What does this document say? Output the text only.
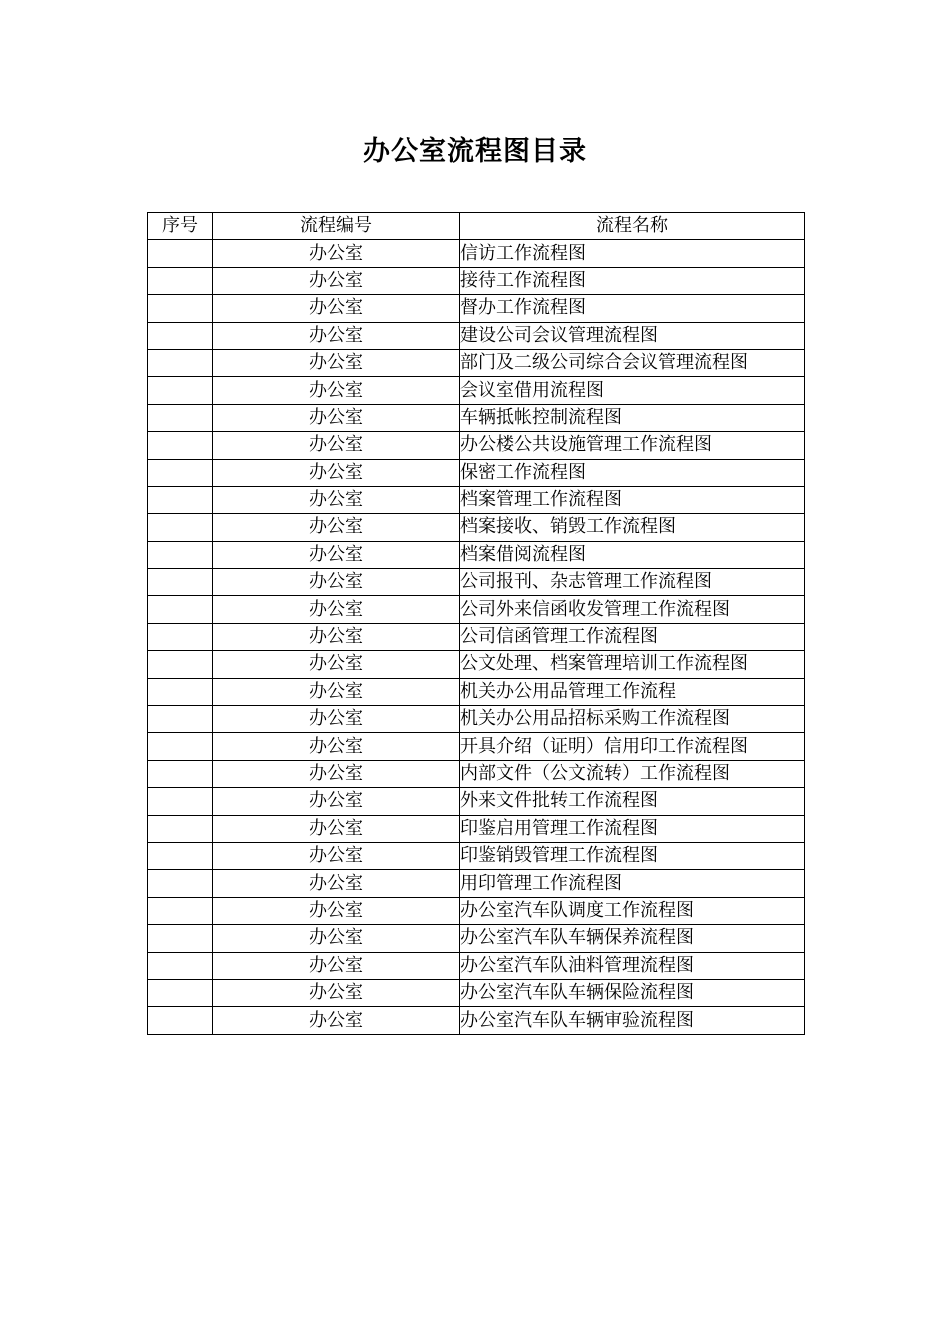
办公室流程图目录
序号	流程编号	流程名称
	办公室	信访工作流程图
	办公室	接待工作流程图
	办公室	督办工作流程图
	办公室	建设公司会议管理流程图
	办公室	部门及二级公司综合会议管理流程图
	办公室	会议室借用流程图
	办公室	车辆抵帐控制流程图
	办公室	办公楼公共设施管理工作流程图
	办公室	保密工作流程图
	办公室	档案管理工作流程图
	办公室	档案接收、销毁工作流程图
	办公室	档案借阅流程图
	办公室	公司报刊、杂志管理工作流程图
	办公室	公司外来信函收发管理工作流程图
	办公室	公司信函管理工作流程图
	办公室	公文处理、档案管理培训工作流程图
	办公室	机关办公用品管理工作流程
	办公室	机关办公用品招标采购工作流程图
	办公室	开具介绍（证明）信用印工作流程图
	办公室	内部文件（公文流转）工作流程图
	办公室	外来文件批转工作流程图
	办公室	印鉴启用管理工作流程图
	办公室	印鉴销毁管理工作流程图
	办公室	用印管理工作流程图
	办公室	办公室汽车队调度工作流程图
	办公室	办公室汽车队车辆保养流程图
	办公室	办公室汽车队油料管理流程图
	办公室	办公室汽车队车辆保险流程图
	办公室	办公室汽车队车辆审验流程图
